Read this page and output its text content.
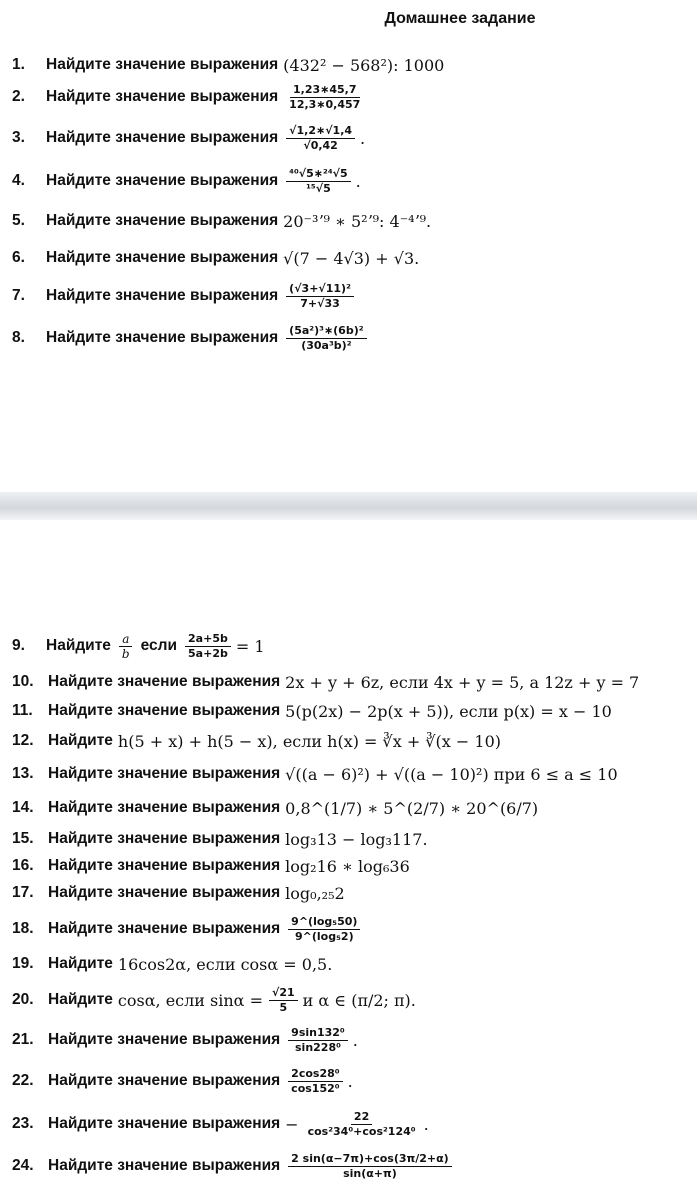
Домашнее задание
1.	Найдите значение выражения (432² − 568²): 1000
2.	Найдите значение выражения $\frac{1,23∗45,7}{12,3∗0,457}$
3.	Найдите значение выражения $\frac{√1,2∗√1,4}{√0,42}$ .
4.	Найдите значение выражения $\frac{\text{⁴⁰√5∗²⁴√5}}{\text{¹⁵√5}}$ .
5.	Найдите значение выражения 20⁻³ʼ⁹ ∗ 5²ʼ⁹: 4⁻⁴ʼ⁹.
6.	Найдите значение выражения √(7 − 4√3) + √3.
7.	Найдите значение выражения $\frac{\text{(√3+√11)²}}{7+√33}$
8.	Найдите значение выражения $\frac{\text{(5a²)³∗(6b)²}}{\text{(30a³b)²}}$
9.	Найдите $\frac{a}{b}$ если $\frac{2a+5b}{5a+2b} = 1$
10. Найдите значение выражения 2x + y + 6z, если 4x + y = 5, а 12z + y = 7
11. Найдите значение выражения 5(p(2x) − 2p(x + 5)), если p(x) = x − 10
12. Найдите h(5 + x) + h(5 − x), если h(x) = ∛x + ∛(x − 10)
13. Найдите значение выражения √((a − 6)²) + √((a − 10)²) при 6 ≤ a ≤ 10
14. Найдите значение выражения 0,8^(1/7) ∗ 5^(2/7) ∗ 20^(6/7)
15. Найдите значение выражения log₃13 − log₃117.
16. Найдите значение выражения log₂16 ∗ log₆36
17. Найдите значение выражения log₀,₂₅2
18. Найдите значение выражения $\frac{\text{9\textasciicircum{}(log₅50)}}{\text{9\textasciicircum{}(log₅2)}}$
19. Найдите 16cos2α, если cosα = 0,5.
20. Найдите cosα, если $\sin\alpha = \frac{√21}{5}$ и α ∈ (π/2; π).
21. Найдите значение выражения $\frac{\text{9sin132⁰}}{\text{sin228⁰}}$ .
22. Найдите значение выражения $\frac{\text{2cos28⁰}}{\text{cos152⁰}}$ .
23. Найдите значение выражения − $\frac{22}{\text{cos²34⁰+cos²124⁰}}$ .
24. Найдите значение выражения $\frac{2 \sin(\alpha-7\pi)+\cos(3\pi/2+\alpha)}{\sin(\alpha+\pi)}$
